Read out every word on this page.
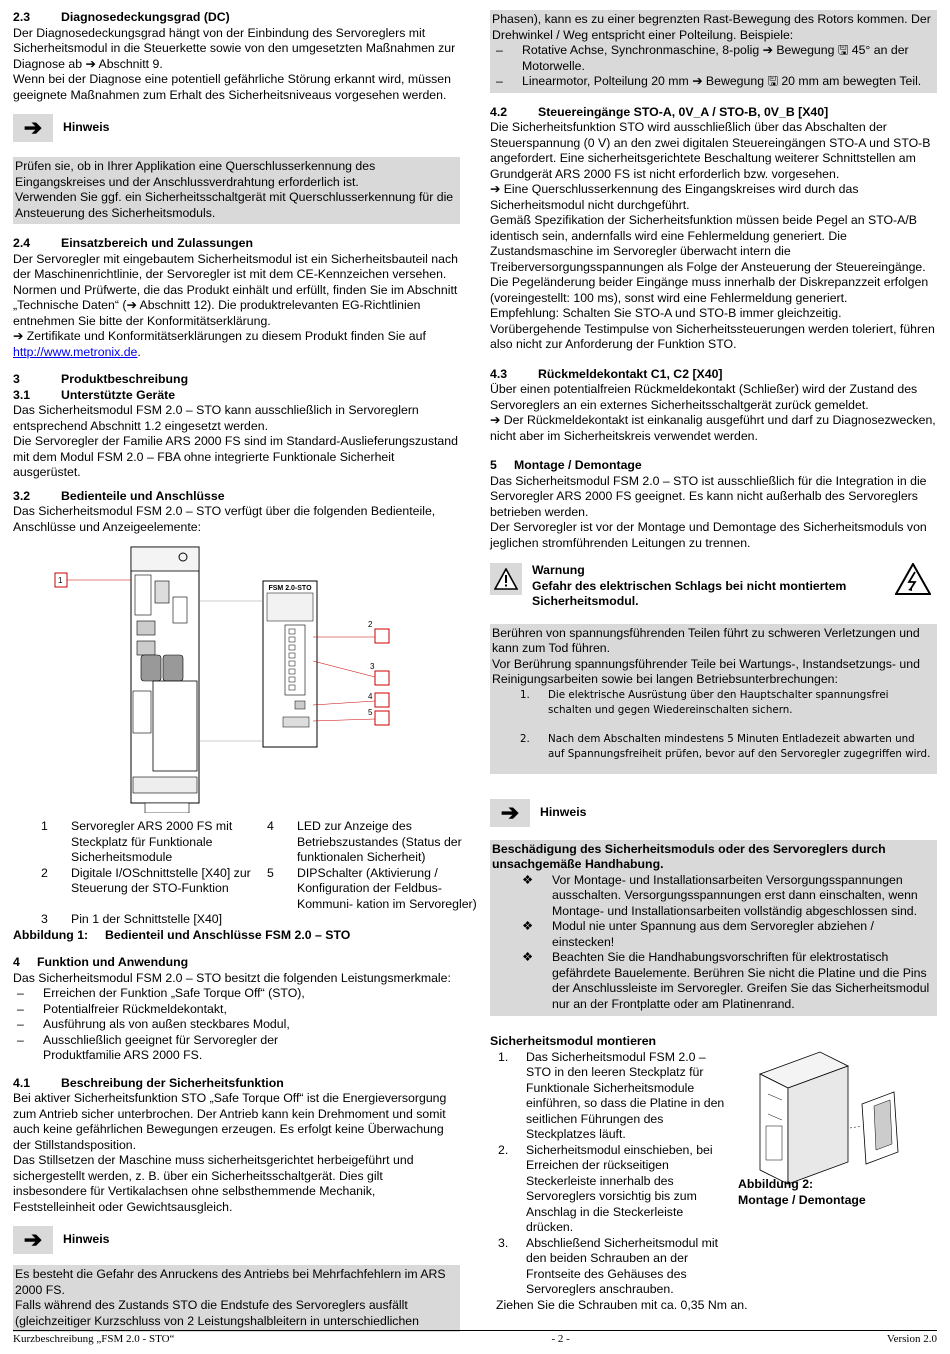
2.3	Diagnosedeckungsgrad (DC)

Der Diagnosedeckungsgrad hängt von der Einbindung des Servoreglers mit Sicherheitsmodul in die Steuerkette sowie von den umgesetzten Maßnahmen zur Diagnose ab ➔ Abschnitt 9.

Wenn bei der Diagnose eine potentiell gefährliche Störung erkannt wird, müssen geeignete Maßnahmen zum Erhalt des Sicherheitsniveaus vorgesehen werden.

➔	Hinweis

Prüfen sie, ob in Ihrer Applikation eine Querschlusserkennung des Eingangskreises und der Anschlussverdrahtung erforderlich ist.

Verwenden Sie ggf. ein Sicherheitsschaltgerät mit Querschlusserkennung für die Ansteuerung des Sicherheitsmoduls.

2.4	Einsatzbereich und Zulassungen

Der Servoregler mit eingebautem Sicherheitsmodul ist ein Sicherheitsbauteil nach der Maschinenrichtlinie, der Servoregler ist mit dem CE-Kennzeichen versehen.

Normen und Prüfwerte, die das Produkt einhält und erfüllt, finden Sie im Abschnitt „Technische Daten“ (➔ Abschnitt 12). Die produktrelevanten EG-Richtlinien entnehmen Sie bitte der Konformitätserklärung.

➔ Zertifikate und Konformitätserklärungen zu diesem Produkt finden Sie auf http://www.metronix.de.

3	Produktbeschreibung

3.1	Unterstützte Geräte

Das Sicherheitsmodul FSM 2.0 – STO kann ausschließlich in Servoreglern entsprechend Abschnitt 1.2 eingesetzt werden.

Die Servoregler der Familie ARS 2000 FS sind im Standard-Auslieferungszustand mit dem Modul FSM 2.0 – FBA ohne integrierte Funktionale Sicherheit ausgerüstet.

3.2	Bedienteile und Anschlüsse

Das Sicherheitsmodul FSM 2.0 – STO verfügt über die folgenden Bedienteile, Anschlüsse und Anzeigeelemente:

FSM 2.0-STO
1
2
3
4
5
1	Servoregler ARS 2000 FS mit Steckplatz für Funktionale Sicherheitsmodule
4	LED zur Anzeige des Betriebszustandes (Status der funktionalen Sicherheit)
2	Digitale I/OSchnittstelle [X40] zur Steuerung der STO-Funktion
5	DIPSchalter (Aktivierung / Konfiguration der Feldbus-Kommuni- kation im Servoregler)
3	Pin 1 der Schnittstelle [X40]

Abbildung 1: Bedienteil und Anschlüsse FSM 2.0 – STO

4 Funktion und Anwendung

Das Sicherheitsmodul FSM 2.0 – STO besitzt die folgenden Leistungsmerkmale:

–	Erreichen der Funktion „Safe Torque Off“ (STO),
–	Potentialfreier Rückmeldekontakt,
–	Ausführung als von außen steckbares Modul,
–	Ausschließlich geeignet für Servoregler der Produktfamilie ARS 2000 FS.

4.1	Beschreibung der Sicherheitsfunktion

Bei aktiver Sicherheitsfunktion STO „Safe Torque Off“ ist die Energieversorgung zum Antrieb sicher unterbrochen. Der Antrieb kann kein Drehmoment und somit auch keine gefährlichen Bewegungen erzeugen. Es erfolgt keine Überwachung der Stillstandsposition.

Das Stillsetzen der Maschine muss sicherheitsgerichtet herbeigeführt und sichergestellt werden, z. B. über ein Sicherheitsschaltgerät. Dies gilt insbesondere für Vertikalachsen ohne selbsthemmende Mechanik, Feststelleinheit oder Gewichtsausgleich.

➔	Hinweis

Es besteht die Gefahr des Anruckens des Antriebs bei Mehrfachfehlern im ARS 2000 FS.

Falls während des Zustands STO die Endstufe des Servoreglers ausfällt (gleichzeitiger Kurzschluss von 2 Leistungshalbleitern in unterschiedlichen

Phasen), kann es zu einer begrenzten Rast-Bewegung des Rotors kommen. Der Drehwinkel / Weg entspricht einer Polteilung. Beispiele:

–	Rotative Achse, Synchronmaschine, 8-polig ➔ Bewegung 🖫 45° an der Motorwelle.
–	Linearmotor, Polteilung 20 mm ➔ Bewegung 🖫 20 mm am bewegten Teil.

4.2	Steuereingänge STO-A, 0V_A / STO-B, 0V_B [X40]

Die Sicherheitsfunktion STO wird ausschließlich über das Abschalten der Steuerspannung (0 V) an den zwei digitalen Steuereingängen STO-A und STO-B angefordert. Eine sicherheitsgerichtete Beschaltung weiterer Schnittstellen am Grundgerät ARS 2000 FS ist nicht erforderlich bzw. vorgesehen.

➔ Eine Querschlusserkennung des Eingangskreises wird durch das Sicherheitsmodul nicht durchgeführt.

Gemäß Spezifikation der Sicherheitsfunktion müssen beide Pegel an STO-A/B identisch sein, andernfalls wird eine Fehlermeldung generiert. Die Zustandsmaschine im Servoregler überwacht intern die Treiberversorgungsspannungen als Folge der Ansteuerung der Steuereingänge. Die Pegeländerung beider Eingänge muss innerhalb der Diskrepanzzeit erfolgen (voreingestellt: 100 ms), sonst wird eine Fehlermeldung generiert.

Empfehlung: Schalten Sie STO-A und STO-B immer gleichzeitig.

Vorübergehende Testimpulse von Sicherheitssteuerungen werden toleriert, führen also nicht zur Anforderung der Funktion STO.

4.3	Rückmeldekontakt C1, C2 [X40]

Über einen potentialfreien Rückmeldekontakt (Schließer) wird der Zustand des Servoreglers an ein externes Sicherheitsschaltgerät zurück gemeldet.

➔ Der Rückmeldekontakt ist einkanalig ausgeführt und darf zu Diagnosezwecken, nicht aber im Sicherheitskreis verwendet werden.

5 Montage / Demontage

Das Sicherheitsmodul FSM 2.0 – STO ist ausschließlich für die Integration in die Servoregler ARS 2000 FS geeignet. Es kann nicht außerhalb des Servoreglers betrieben werden.

Der Servoregler ist vor der Montage und Demontage des Sicherheitsmoduls von jeglichen stromführenden Leitungen zu trennen.

Warnung

Gefahr des elektrischen Schlags bei nicht montiertem Sicherheitsmodul.

Berühren von spannungsführenden Teilen führt zu schweren Verletzungen und kann zum Tod führen.

Vor Berührung spannungsführender Teile bei Wartungs-, Instandsetzungs- und Reinigungsarbeiten sowie bei langen Betriebsunterbrechungen:

1.	Die elektrische Ausrüstung über den Hauptschalter spannungsfrei schalten und gegen Wiedereinschalten sichern.
2.	Nach dem Abschalten mindestens 5 Minuten Entladezeit abwarten und auf Spannungsfreiheit prüfen, bevor auf den Servoregler zugegriffen wird.
➔	Hinweis

Beschädigung des Sicherheitsmoduls oder des Servoreglers durch unsachgemäße Handhabung.

❖	Vor Montage- und Installationsarbeiten Versorgungsspannungen ausschalten. Versorgungsspannungen erst dann einschalten, wenn Montage- und Installationsarbeiten vollständig abgeschlossen sind.
❖	Modul nie unter Spannung aus dem Servoregler abziehen / einstecken!
❖	Beachten Sie die Handhabungsvorschriften für elektrostatisch gefährdete Bauelemente. Berühren Sie nicht die Platine und die Pins der Anschlussleiste im Servoregler. Greifen Sie das Sicherheitsmodul nur an der Frontplatte oder am Platinenrand.

Sicherheitsmodul montieren

1.	Das Sicherheitsmodul FSM 2.0 – STO in den leeren Steckplatz für Funktionale Sicherheitsmodule einführen, so dass die Platine in den seitlichen Führungen des Steckplatzes läuft.
2.	Sicherheitsmodul einschieben, bei Erreichen der rückseitigen Steckerleiste innerhalb des Servoreglers vorsichtig bis zum Anschlag in die Steckerleiste drücken.
3.	Abschließend Sicherheitsmodul mit den beiden Schrauben an der Frontseite des Gehäuses des Servoreglers anschrauben.

Ziehen Sie die Schrauben mit ca. 0,35 Nm an.

Abbildung 2:
Montage / Demontage

Kurzbeschreibung „FSM 2.0 - STO“	- 2 -	Version 2.0
